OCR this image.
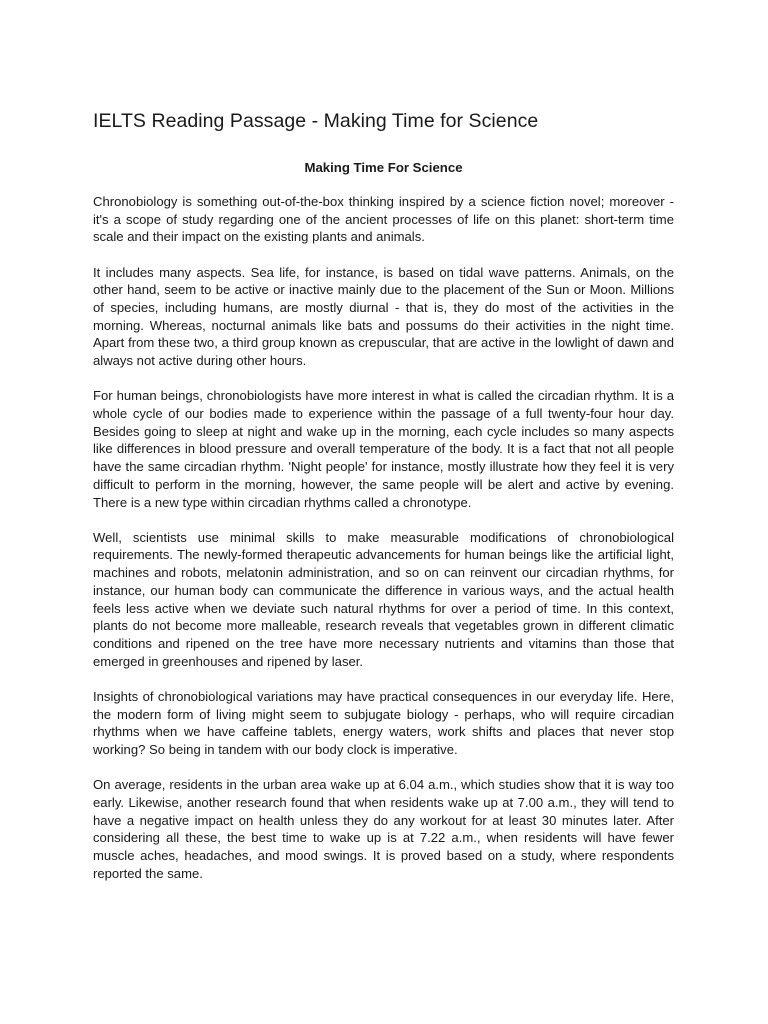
IELTS Reading Passage - Making Time for Science
Making Time For Science

Chronobiology is something out-of-the-box thinking inspired by a science fiction novel; moreover - it's a scope of study regarding one of the ancient processes of life on this planet: short-term time scale and their impact on the existing plants and animals.

It includes many aspects. Sea life, for instance, is based on tidal wave patterns. Animals, on the other hand, seem to be active or inactive mainly due to the placement of the Sun or Moon. Millions of species, including humans, are mostly diurnal - that is, they do most of the activities in the morning. Whereas, nocturnal animals like bats and possums do their activities in the night time. Apart from these two, a third group known as crepuscular, that are active in the lowlight of dawn and always not active during other hours.

For human beings, chronobiologists have more interest in what is called the circadian rhythm. It is a whole cycle of our bodies made to experience within the passage of a full twenty-four hour day. Besides going to sleep at night and wake up in the morning, each cycle includes so many aspects like differences in blood pressure and overall temperature of the body. It is a fact that not all people have the same circadian rhythm. 'Night people' for instance, mostly illustrate how they feel it is very difficult to perform in the morning, however, the same people will be alert and active by evening. There is a new type within circadian rhythms called a chronotype.

Well, scientists use minimal skills to make measurable modifications of chronobiological requirements. The newly-formed therapeutic advancements for human beings like the artificial light, machines and robots, melatonin administration, and so on can reinvent our circadian rhythms, for instance, our human body can communicate the difference in various ways, and the actual health feels less active when we deviate such natural rhythms for over a period of time. In this context, plants do not become more malleable, research reveals that vegetables grown in different climatic conditions and ripened on the tree have more necessary nutrients and vitamins than those that emerged in greenhouses and ripened by laser.

Insights of chronobiological variations may have practical consequences in our everyday life. Here, the modern form of living might seem to subjugate biology - perhaps, who will require circadian rhythms when we have caffeine tablets, energy waters, work shifts and places that never stop working? So being in tandem with our body clock is imperative.

On average, residents in the urban area wake up at 6.04 a.m., which studies show that it is way too early. Likewise, another research found that when residents wake up at 7.00 a.m., they will tend to have a negative impact on health unless they do any workout for at least 30 minutes later. After considering all these, the best time to wake up is at 7.22 a.m., when residents will have fewer muscle aches, headaches, and mood swings. It is proved based on a study, where respondents reported the same.
